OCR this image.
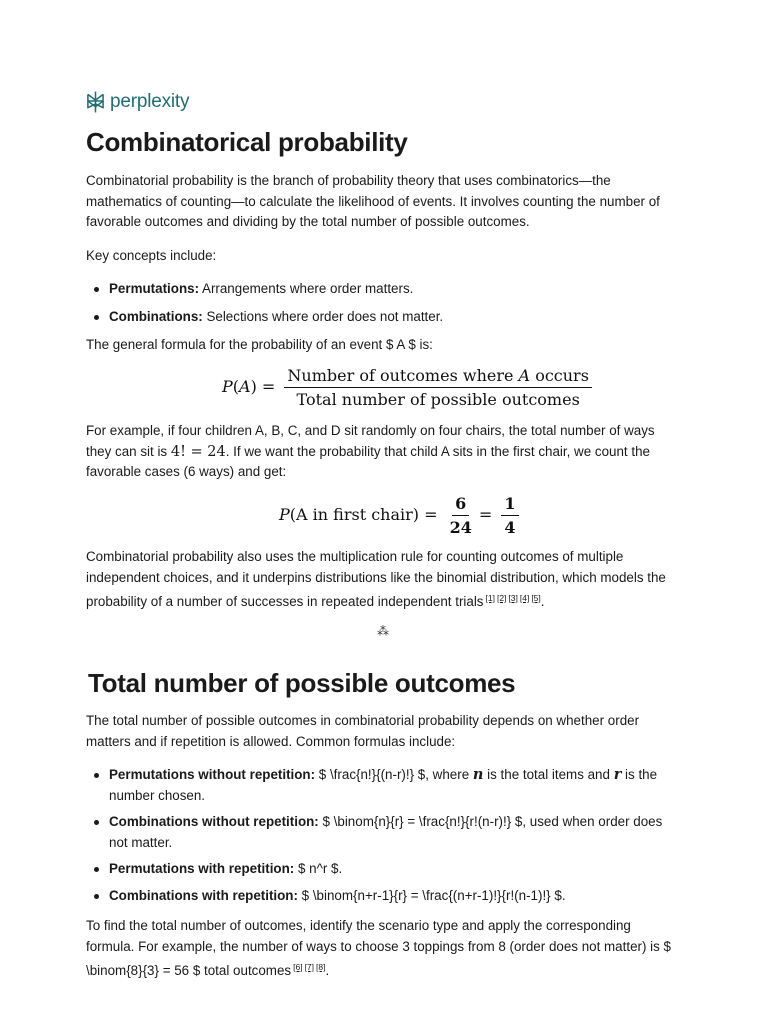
perplexity
Combinatorical probability

Combinatorial probability is the branch of probability theory that uses combinatorics—the mathematics of counting—to calculate the likelihood of events. It involves counting the number of favorable outcomes and dividing by the total number of possible outcomes.

Key concepts include:

Permutations: Arrangements where order matters.
Combinations: Selections where order does not matter.

The general formula for the probability of an event $ A $ is:

$P(A) = \frac{\text{Number of outcomes where A occurs}}{\text{Total number of possible outcomes}}$

For example, if four children A, B, C, and D sit randomly on four chairs, the total number of ways they can sit is 4! = 24. If we want the probability that child A sits in the first chair, we count the favorable cases (6 ways) and get:

P(A in first chair) = $\frac{6}{24} = \frac{1}{4}$

Combinatorial probability also uses the multiplication rule for counting outcomes of multiple independent choices, and it underpins distributions like the binomial distribution, which models the probability of a number of successes in repeated independent trials [1] [2] [3] [4] [5].

⁂
Total number of possible outcomes

The total number of possible outcomes in combinatorial probability depends on whether order matters and if repetition is allowed. Common formulas include:

Permutations without repetition: $ \frac{n!}{(n-r)!} $, where n is the total items and r is the number chosen.
Combinations without repetition: $ \binom{n}{r} = \frac{n!}{r!(n-r)!} $, used when order does not matter.
Permutations with repetition: $ n^r $.
Combinations with repetition: $ \binom{n+r-1}{r} = \frac{(n+r-1)!}{r!(n-1)!} $.

To find the total number of outcomes, identify the scenario type and apply the corresponding formula. For example, the number of ways to choose 3 toppings from 8 (order does not matter) is $ \binom{8}{3} = 56 $ total outcomes [6] [7] [8].
